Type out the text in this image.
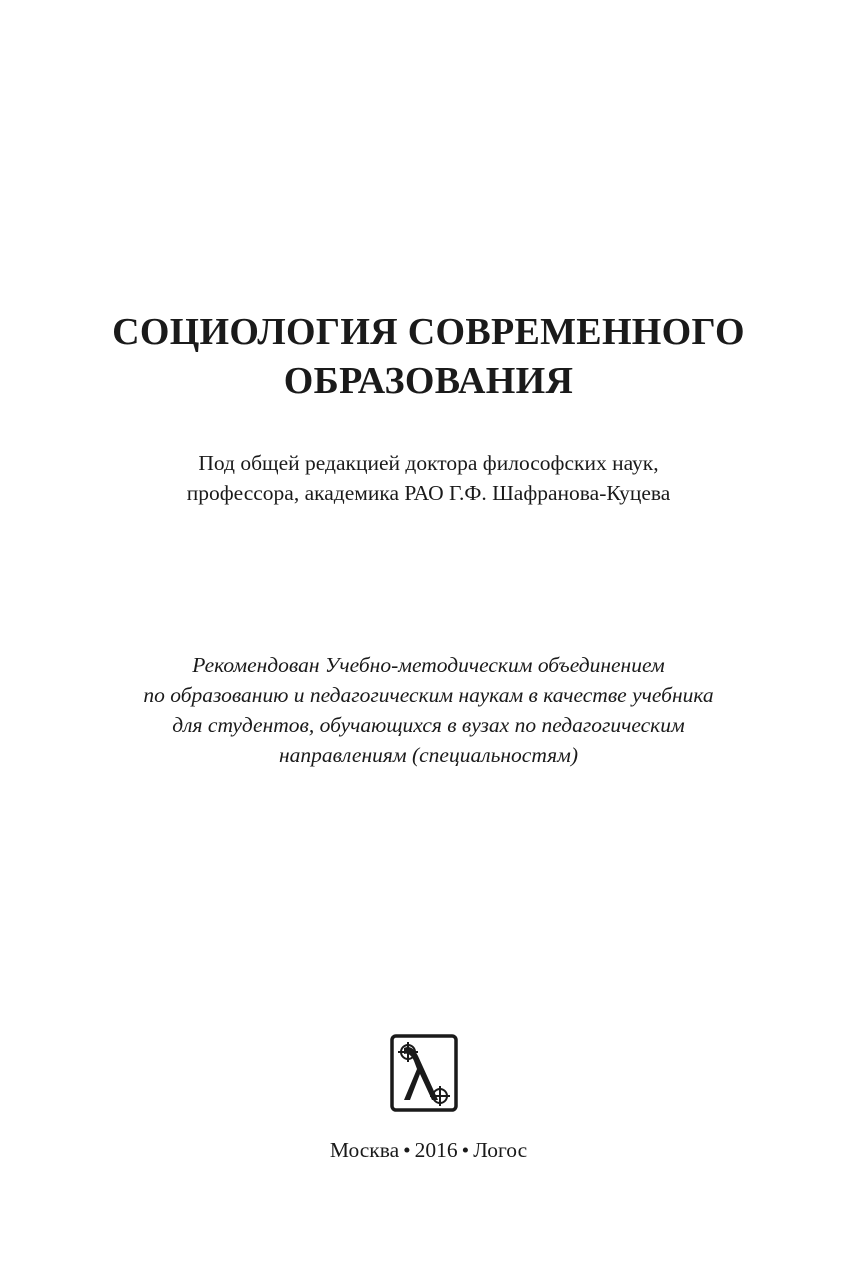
СОЦИОЛОГИЯ СОВРЕМЕННОГО
ОБРАЗОВАНИЯ
Под общей редакцией доктора философских наук,
профессора, академика РАО Г.Ф. Шафранова-Куцева
Рекомендован Учебно-методическим объединением
по образованию и педагогическим наукам в качестве учебника
для студентов, обучающихся в вузах по педагогическим
направлениям (специальностям)
Москва • 2016 • Логос
